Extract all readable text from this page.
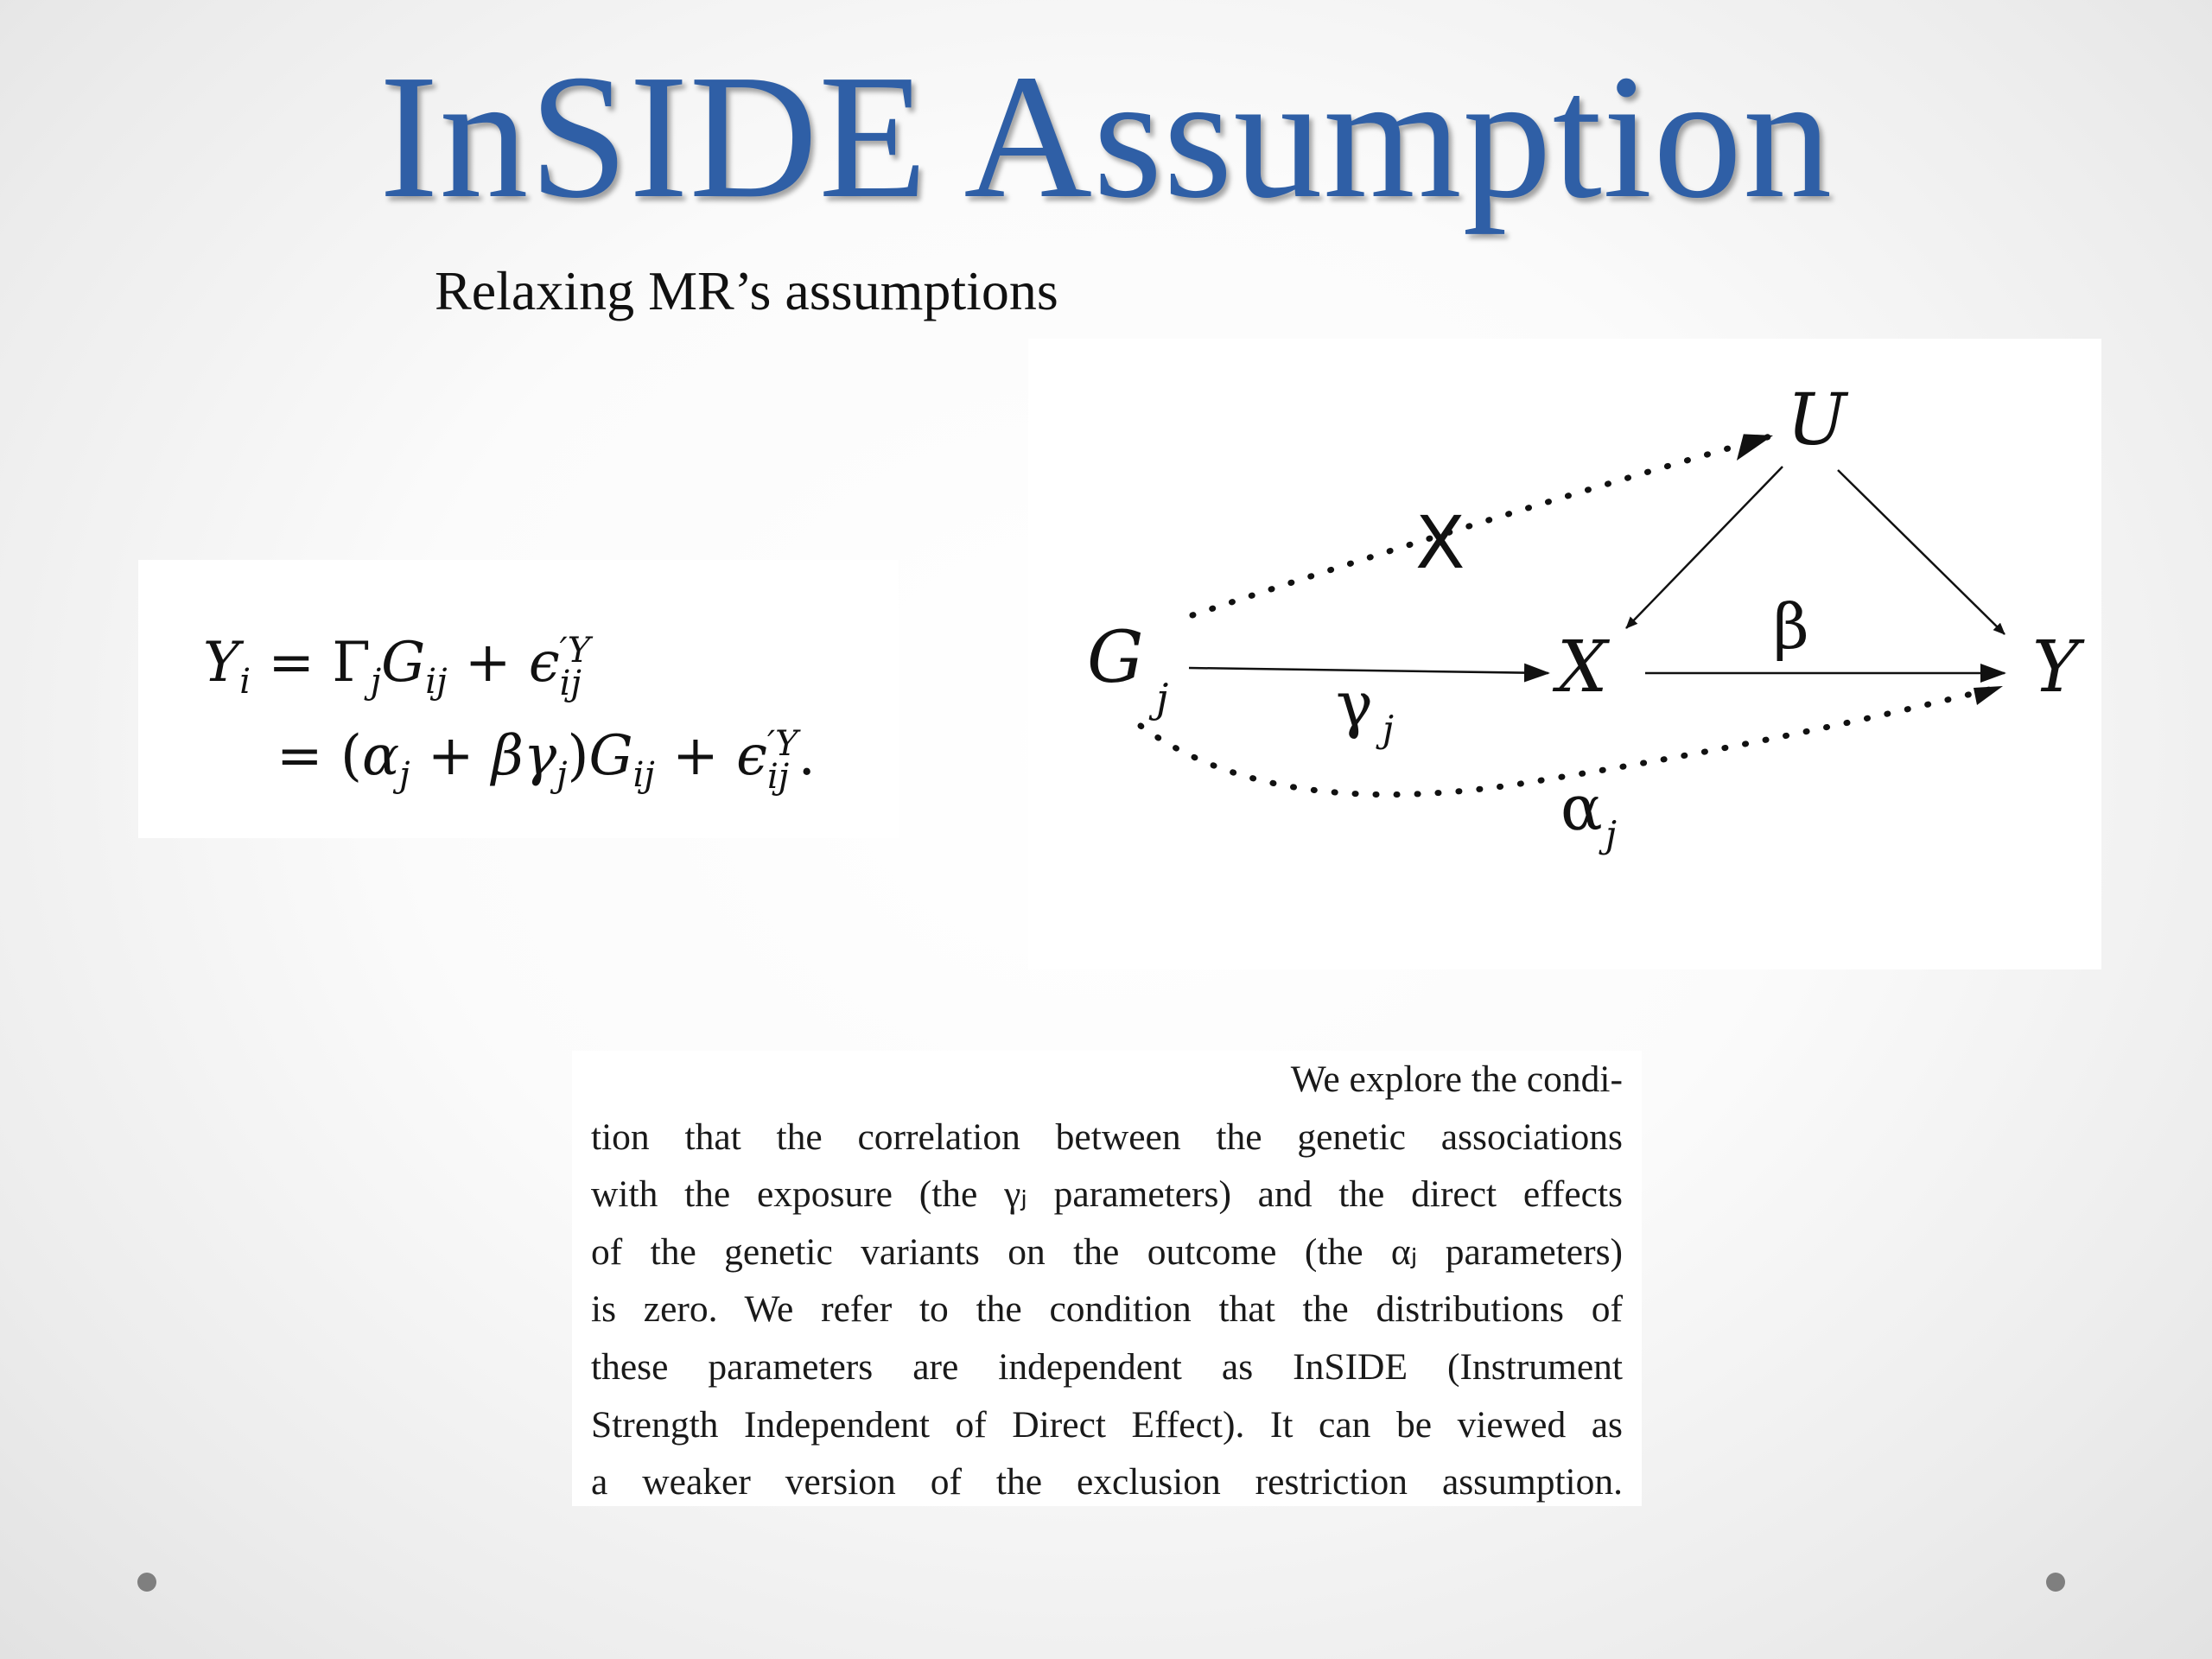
InSIDE Assumption
Relaxing MR’s assumptions
$Y_i = \Gamma_jG_{ij} + \epsilon'Y$
ij
= $(\alpha_j + \beta\gamma_j)G_{ij} + \epsilon'Y$
ij .
G j	X	Y
U
γ j
β
α j
X
We explore the condi-
tion that the correlation between the genetic associations
with the exposure (the γⱼ parameters) and the direct effects
of the genetic variants on the outcome (the αⱼ parameters)
is zero. We refer to the condition that the distributions of
these parameters are independent as InSIDE (Instrument
Strength Independent of Direct Effect). It can be viewed as
a weaker version of the exclusion restriction assumption.
